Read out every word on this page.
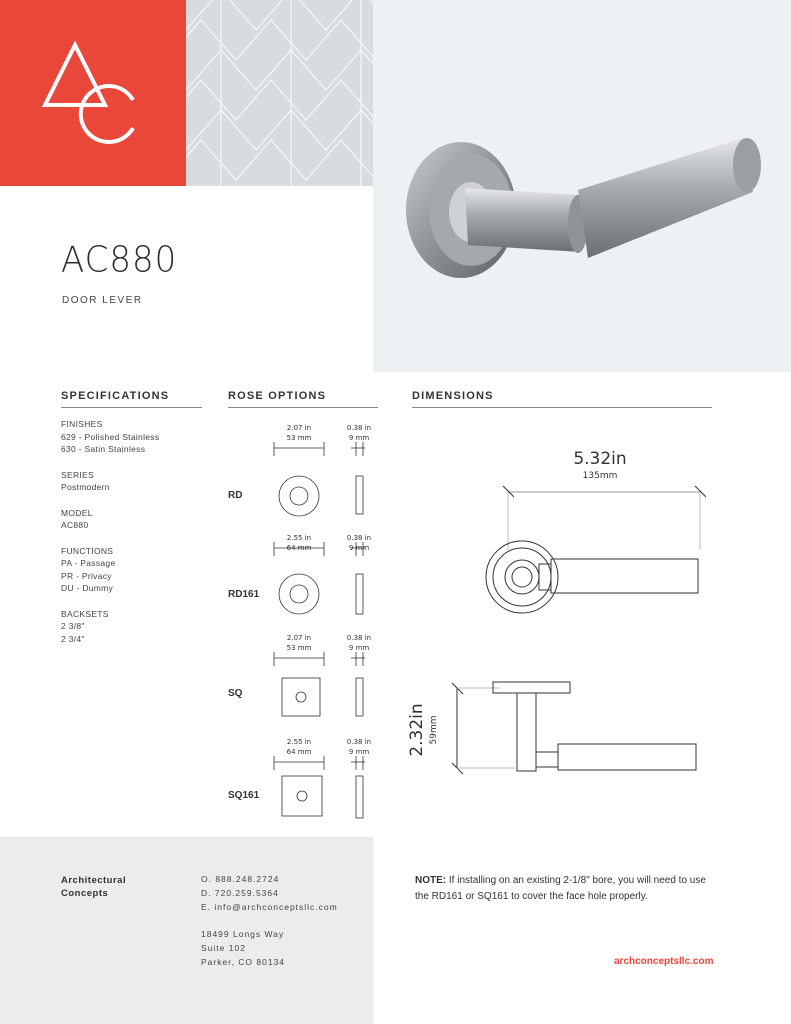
AC880
DOOR LEVER
SPECIFICATIONS	ROSE OPTIONS	DIMENSIONS
FINISHES
629 - Polished Stainless
630 - Satin Stainless
SERIES
Postmodern
MODEL
AC880
FUNCTIONS
PA - Passage
PR - Privacy
DU - Dummy
BACKSETS
2 3/8"
2 3/4"
RD
RD161
SQ
SQ161
2.07 in
53 mm
0.38 in
9 mm
2.55 in
64 mm
0.38 in
9 mm
2.07 in
53 mm
0.38 in
9 mm
2.55 in
64 mm
0.38 in
9 mm
5.32in
135mm
2.32in 59mm
Architectural
Concepts
O. 888.248.2724
D. 720.259.5364
E. info@archconceptsllc.com
18499 Longs Way
Suite 102
Parker, CO 80134
NOTE: If installing on an existing 2-1/8" bore, you will need to use the RD161 or SQ161 to cover the face hole properly.
archconceptsllc.com
